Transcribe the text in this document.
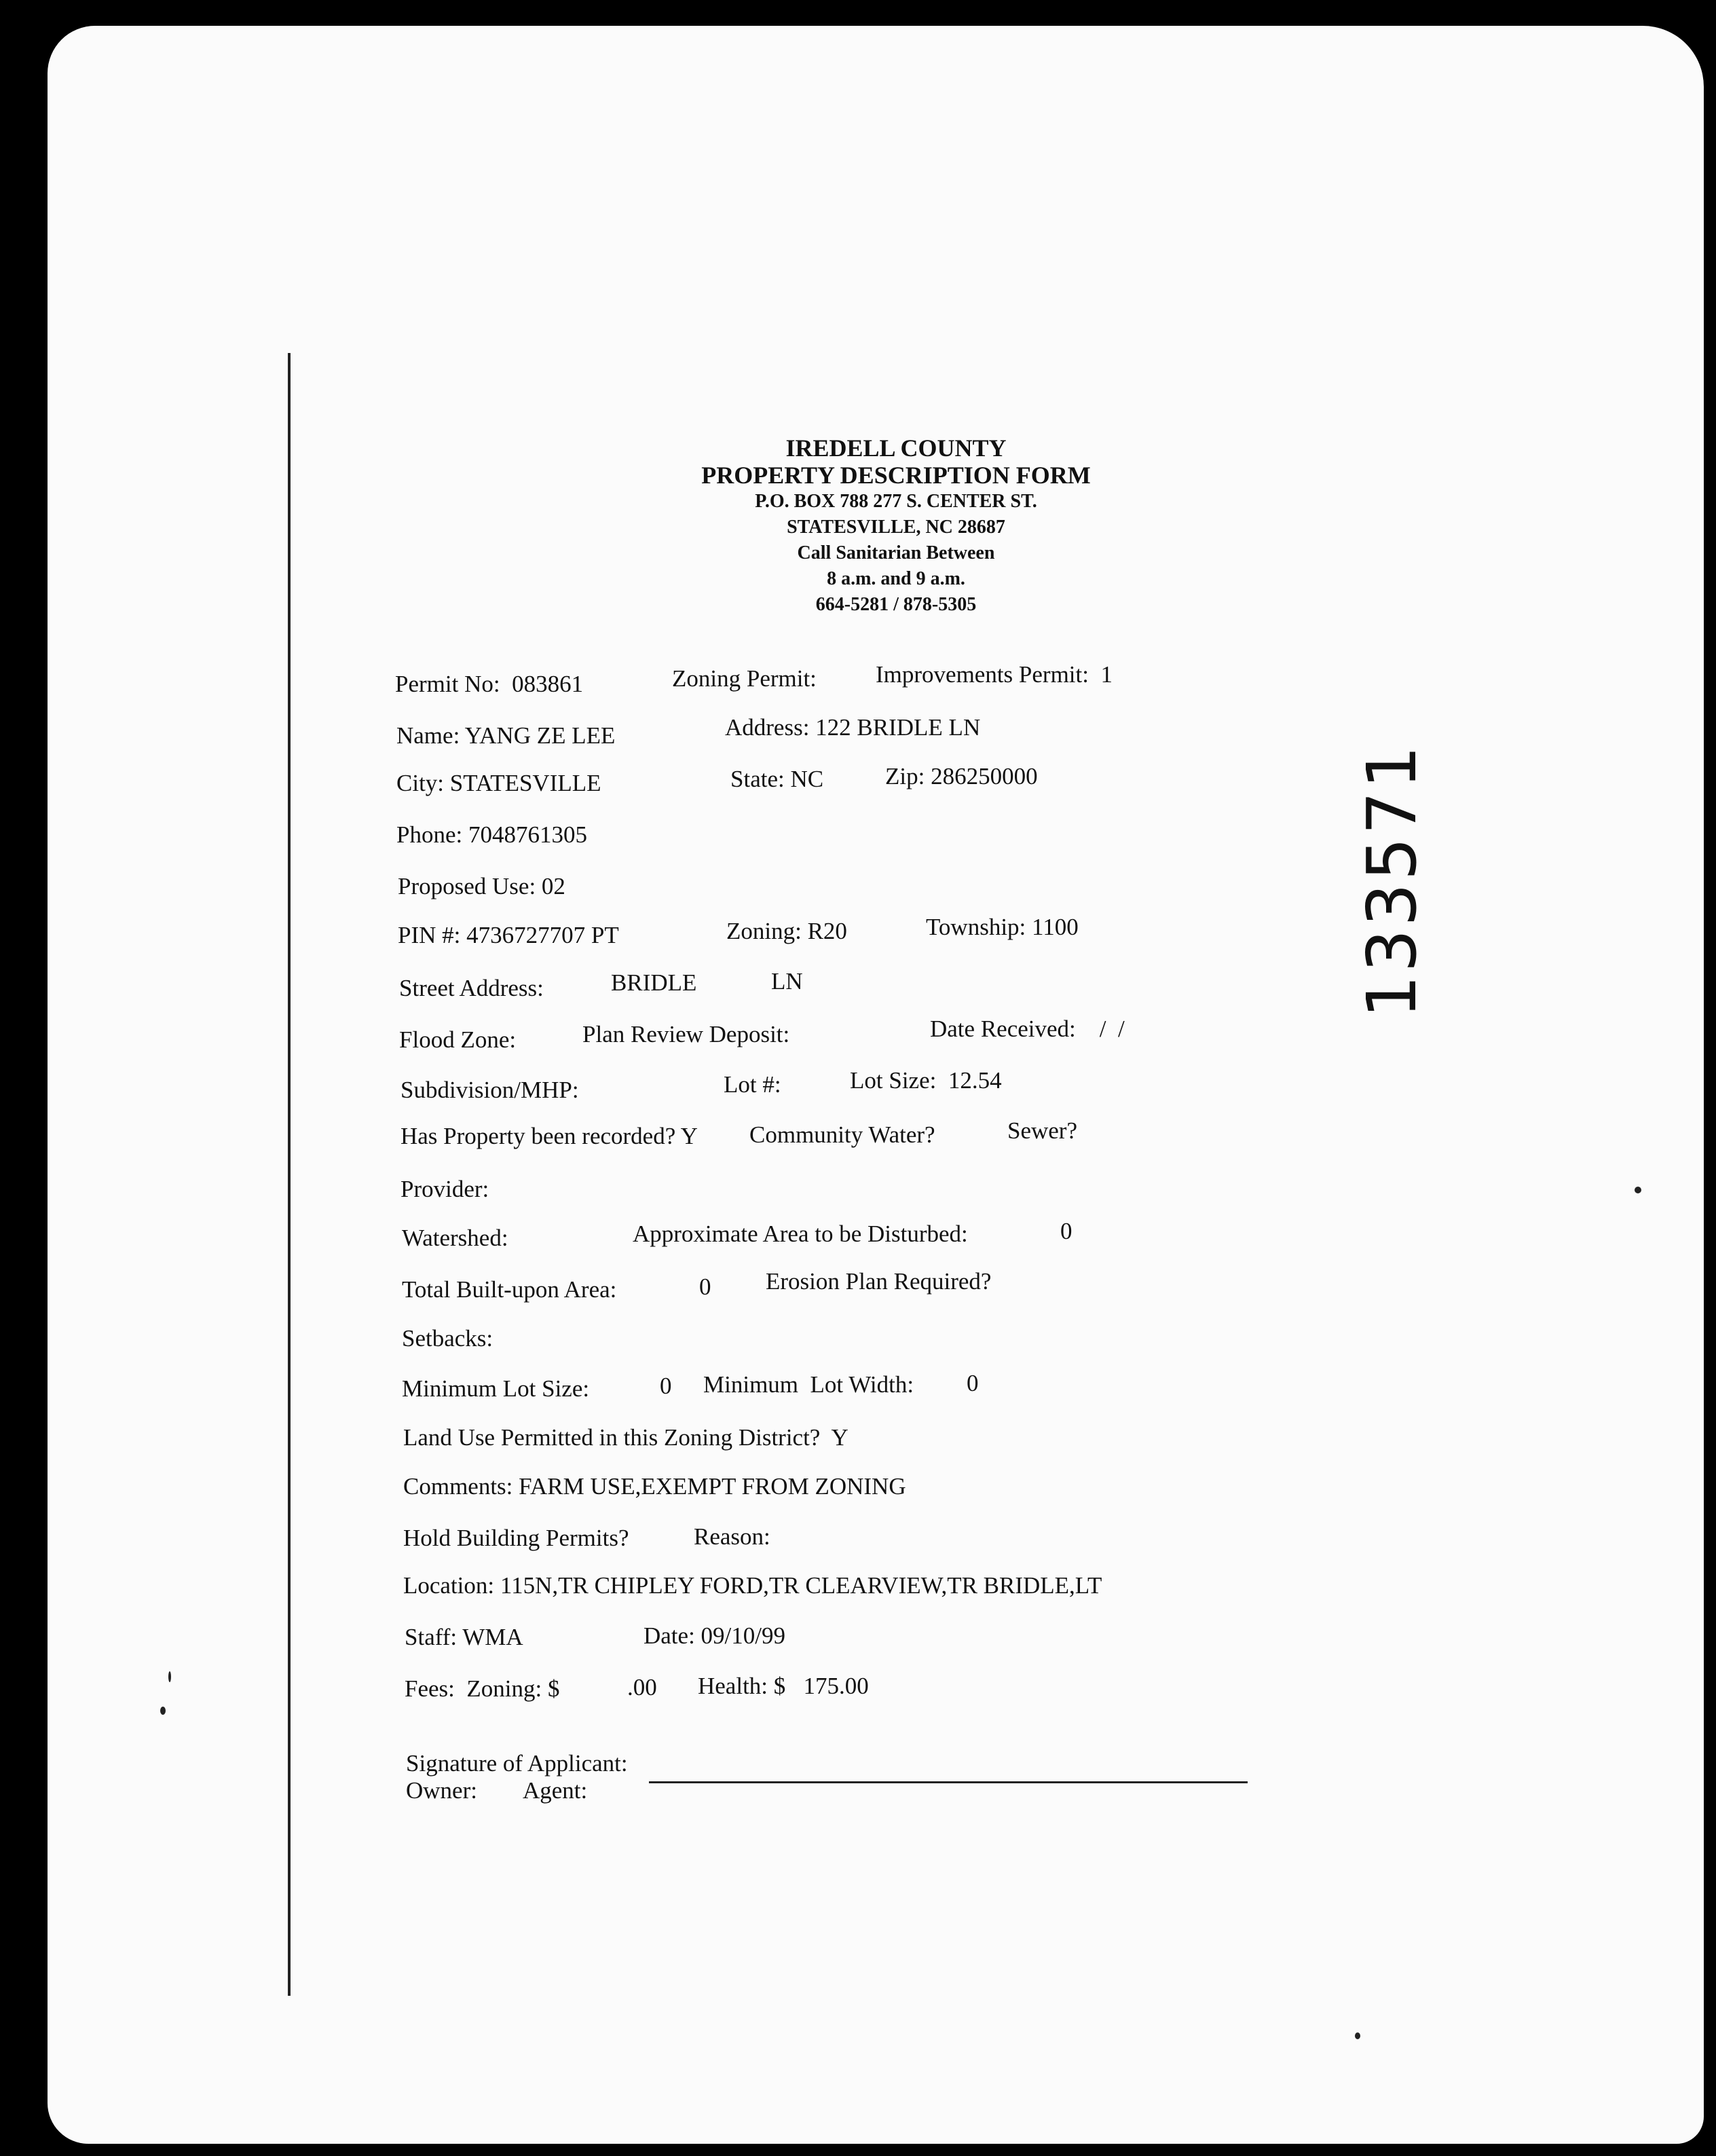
IREDELL COUNTY
PROPERTY DESCRIPTION FORM
P.O. BOX 788 277 S. CENTER ST.
STATESVILLE, NC 28687
Call Sanitarian Between
8 a.m. and 9 a.m.
664-5281 / 878-5305
Permit No:  083861	Zoning Permit: Improvements Permit:  1
Name: YANG ZE LEE	Address: 122 BRIDLE LN
City: STATESVILLE	State: NC	Zip: 286250000
Phone: 7048761305
Proposed Use: 02
PIN #: 4736727707 PT	Zoning: R20	Township: 1100
Street Address:	BRIDLE	LN
Flood Zone:	Plan Review Deposit:	Date Received:    /  /
Subdivision/MHP:	Lot #:	Lot Size:  12.54
Has Property been recorded? Y Community Water?	Sewer?
Provider:
Watershed:	Approximate Area to be Disturbed:	0
Total Built-upon Area:	0 Erosion Plan Required?
Setbacks:
Minimum Lot Size:	0 Minimum  Lot Width: 0
Land Use Permitted in this Zoning District?  Y
Comments: FARM USE,EXEMPT FROM ZONING
Hold Building Permits?	Reason:
Location: 115N,TR CHIPLEY FORD,TR CLEARVIEW,TR BRIDLE,LT
Staff: WMA	Date: 09/10/99
Fees:  Zoning: $	.00 Health: $   175.00
Signature of Applicant:
Owner: Agent:
133571
